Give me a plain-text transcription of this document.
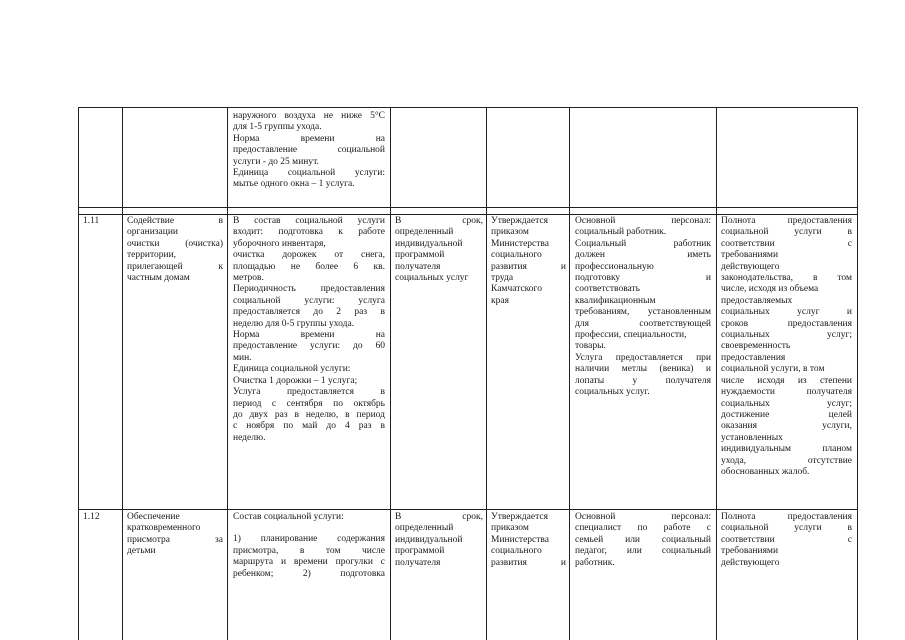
наружного воздуха не ниже 5°С
для 1-5 группы ухода.
Норма времени на
предоставление социальной
услуги - до 25 минут.
Единица социальной услуги:
мытье одного окна – 1 услуга.
1.11	Содействие в
организации
очистки (очистка)
территории,
прилегающей к
частным домам
В состав социальной услуги
входит: подготовка к работе
уборочного инвентаря,
очистка дорожек от снега,
площадью не более 6 кв.
метров.
Периодичность предоставления
социальной услуги: услуга
предоставляется до 2 раз в
неделю для 0-5 группы ухода.
Норма времени на
предоставление услуги: до 60
мин.
Единица социальной услуги:
Очистка 1 дорожки – 1 услуга;
Услуга предоставляется в
период с сентября по октябрь
до двух раз в неделю, в период
с ноября по май до 4 раз в
неделю.
В срок,
определенный
индивидуальной
программой
получателя
социальных услуг
Утверждается
приказом
Министерства
социального
развития и
труда
Камчатского
края
Основной персонал:
социальный работник.
Социальный работник
должен иметь
профессиональную
подготовку и
соответствовать
квалификационным
требованиям, установленным
для соответствующей
профессии, специальности,
товары.
Услуга предоставляется при
наличии метлы (веника) и
лопаты у получателя
социальных услуг.
Полнота предоставления
социальной услуги в
соответствии с
требованиями
действующего
законодательства, в том
числе, исходя из объема
предоставляемых
социальных услуг и
сроков предоставления
социальных услуг;
своевременность
предоставления
социальной услуги, в том
числе исходя из степени
нуждаемости получателя
социальных услуг;
достижение целей
оказания услуги,
установленных
индивидуальным планом
ухода, отсутствие
обоснованных жалоб.
1.12	Обеспечение
кратковременного
присмотра за
детьми
Состав социальной услуги:
1) планирование содержания
присмотра, в том числе
маршрута и времени прогулки с
ребенком; 2) подготовка
В срок,
определенный
индивидуальной
программой
получателя
Утверждается
приказом
Министерства
социального
развития и
Основной персонал:
специалист по работе с
семьей или социальный
педагог, или социальный
работник.
Полнота предоставления
социальной услуги в
соответствии с
требованиями
действующего
